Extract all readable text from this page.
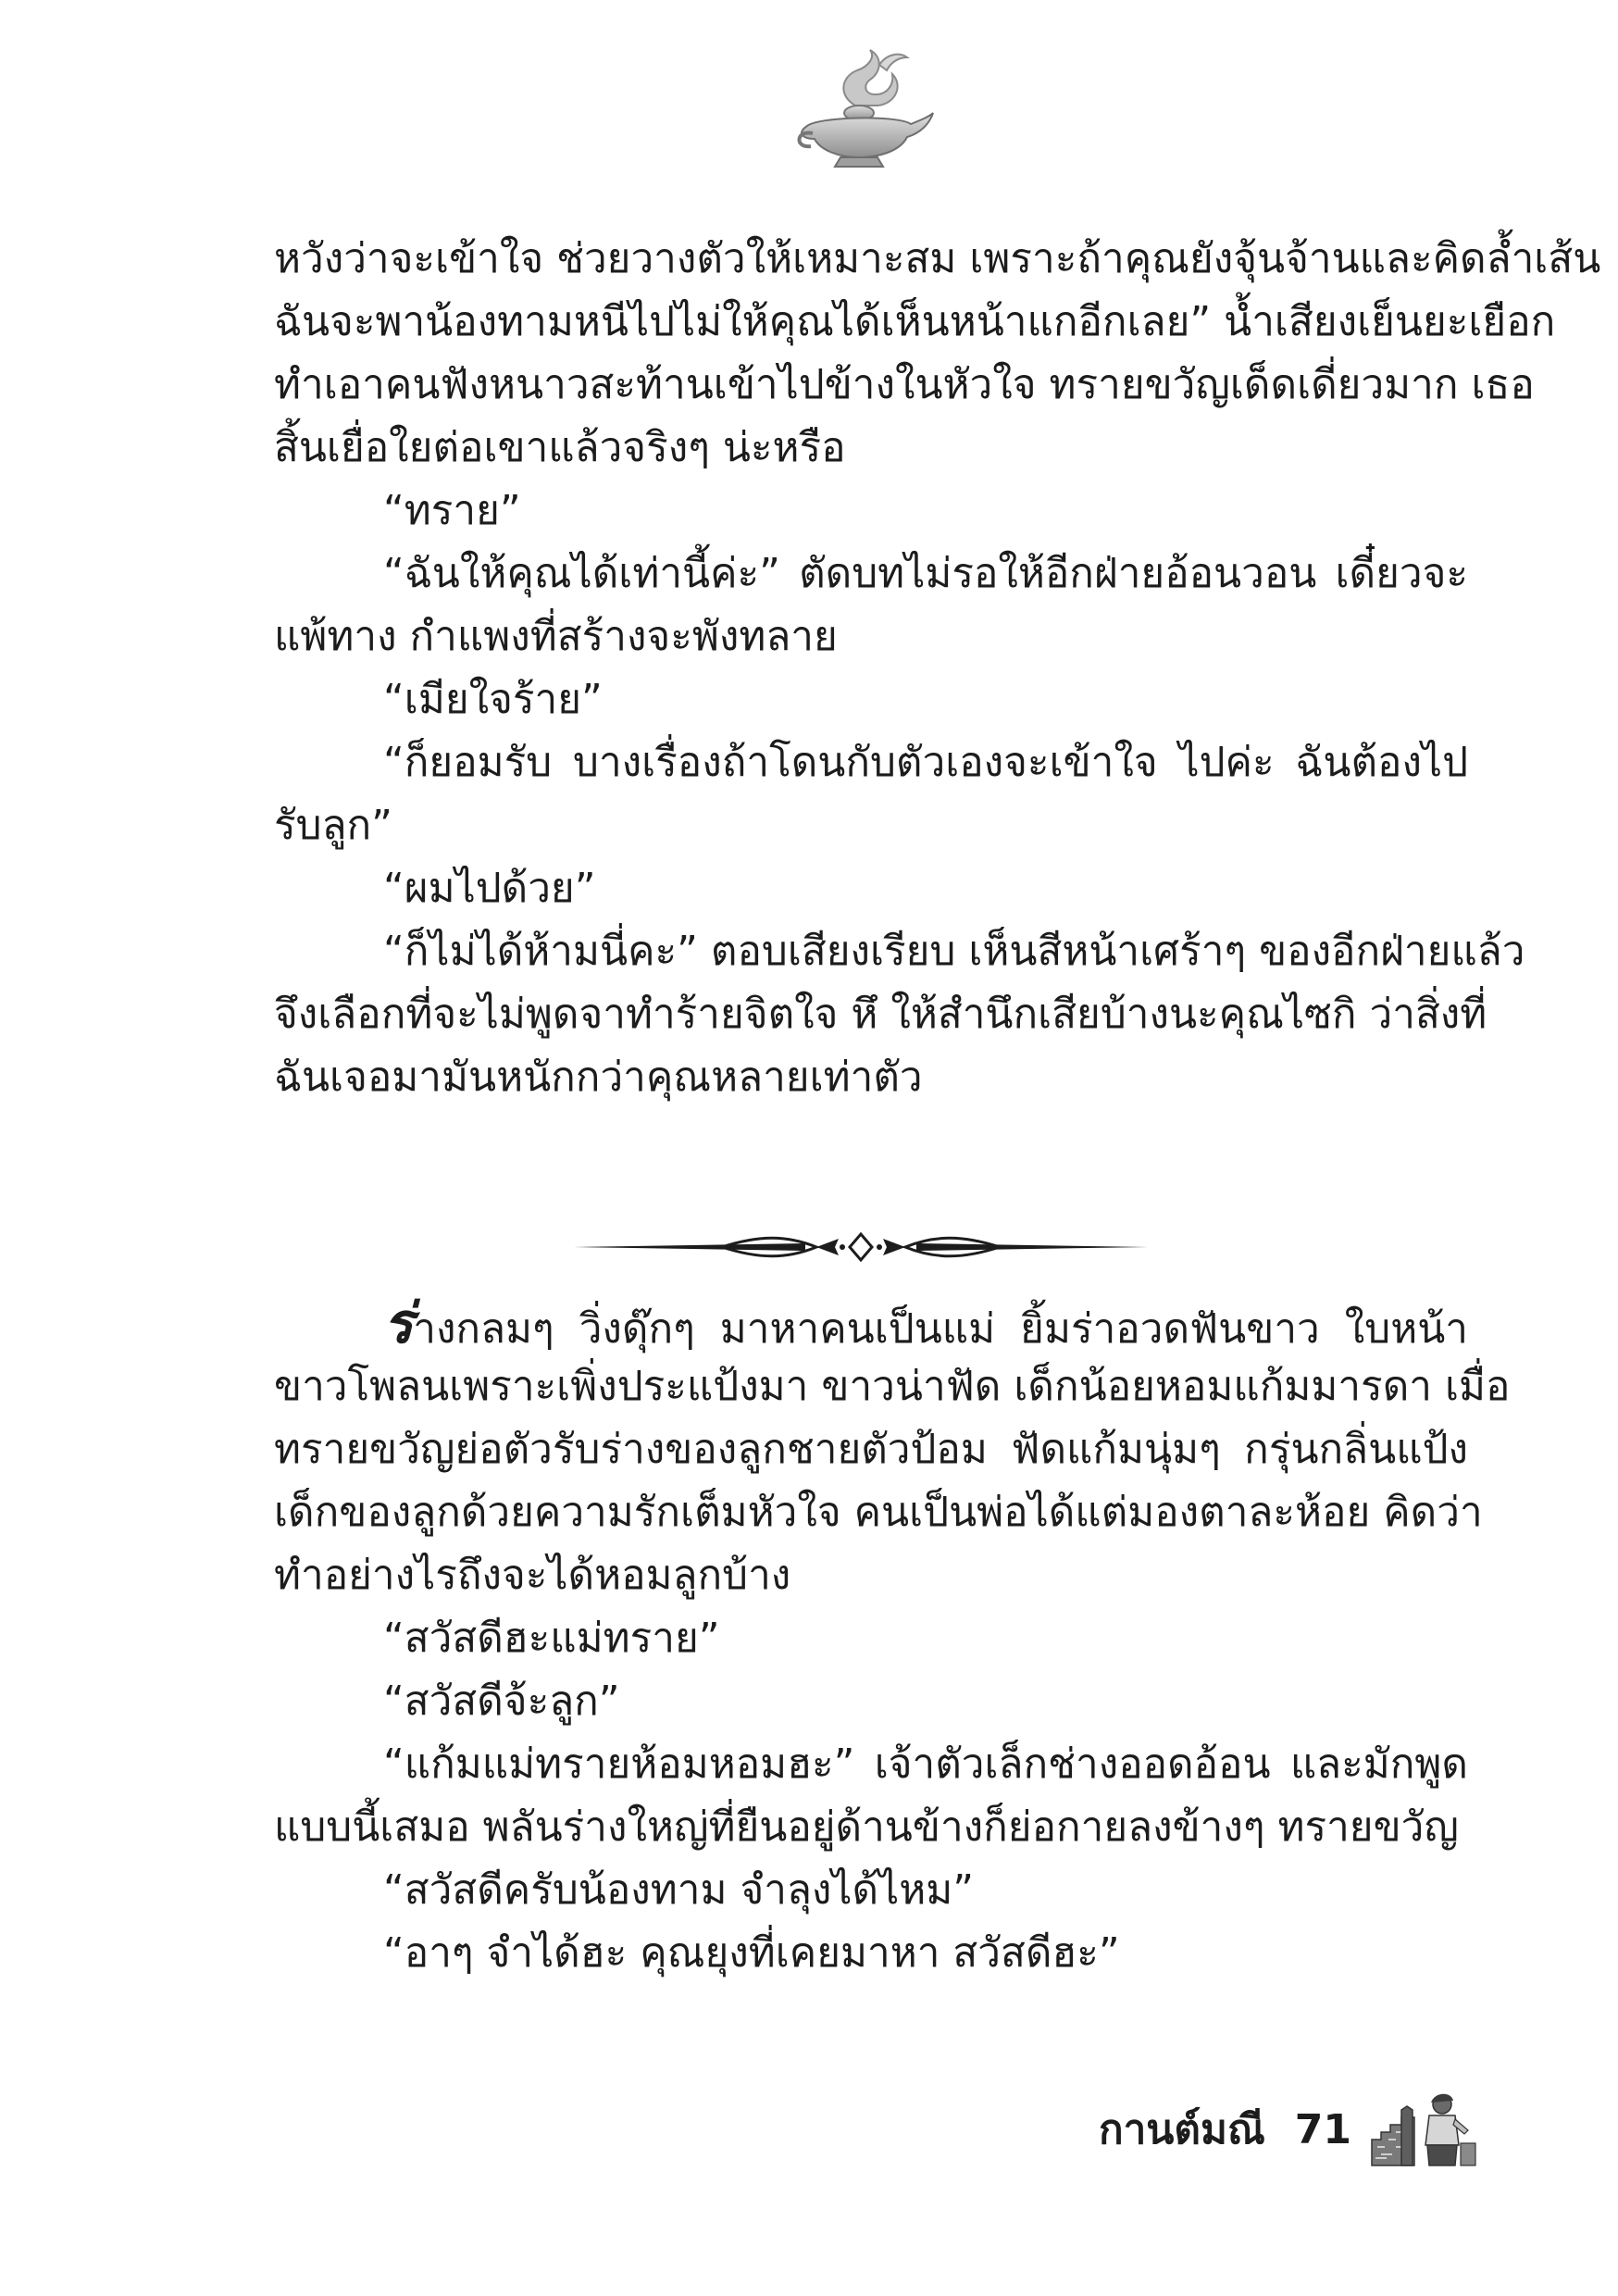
หวังว่าจะเข้าใจ ช่วยวางตัวให้เหมาะสม เพราะถ้าคุณยังจุ้นจ้านและคิดล้ำเส้น
ฉันจะพาน้องทามหนีไปไม่ให้คุณได้เห็นหน้าแกอีกเลย” น้ำเสียงเย็นยะเยือก
ทำเอาคนฟังหนาวสะท้านเข้าไปข้างในหัวใจ ทรายขวัญเด็ดเดี่ยวมาก เธอ
สิ้นเยื่อใยต่อเขาแล้วจริงๆ น่ะหรือ
“ทราย”
“ฉันให้คุณได้เท่านี้ค่ะ” ตัดบทไม่รอให้อีกฝ่ายอ้อนวอน เดี๋ยวจะ
แพ้ทาง กำแพงที่สร้างจะพังทลาย
“เมียใจร้าย”
“ก็ยอมรับ บางเรื่องถ้าโดนกับตัวเองจะเข้าใจ ไปค่ะ ฉันต้องไป
รับลูก”
“ผมไปด้วย”
“ก็ไม่ได้ห้ามนี่คะ” ตอบเสียงเรียบ เห็นสีหน้าเศร้าๆ ของอีกฝ่ายแล้ว
จึงเลือกที่จะไม่พูดจาทำร้ายจิตใจ หึ ให้สำนึกเสียบ้างนะคุณไซกิ ว่าสิ่งที่
ฉันเจอมามันหนักกว่าคุณหลายเท่าตัว
ร่างกลมๆ วิ่งดุ๊กๆ มาหาคนเป็นแม่ ยิ้มร่าอวดฟันขาว ใบหน้า
ขาวโพลนเพราะเพิ่งประแป้งมา ขาวน่าฟัด เด็กน้อยหอมแก้มมารดา เมื่อ
ทรายขวัญย่อตัวรับร่างของลูกชายตัวป้อม ฟัดแก้มนุ่มๆ กรุ่นกลิ่นแป้ง
เด็กของลูกด้วยความรักเต็มหัวใจ คนเป็นพ่อได้แต่มองตาละห้อย คิดว่า
ทำอย่างไรถึงจะได้หอมลูกบ้าง
“สวัสดีฮะแม่ทราย”
“สวัสดีจ้ะลูก”
“แก้มแม่ทรายห้อมหอมฮะ” เจ้าตัวเล็กช่างออดอ้อน และมักพูด
แบบนี้เสมอ พลันร่างใหญ่ที่ยืนอยู่ด้านข้างก็ย่อกายลงข้างๆ ทรายขวัญ
“สวัสดีครับน้องทาม จำลุงได้ไหม”
“อาๆ จำได้ฮะ คุณยุงที่เคยมาหา สวัสดีฮะ”
กานต์มณี 71
